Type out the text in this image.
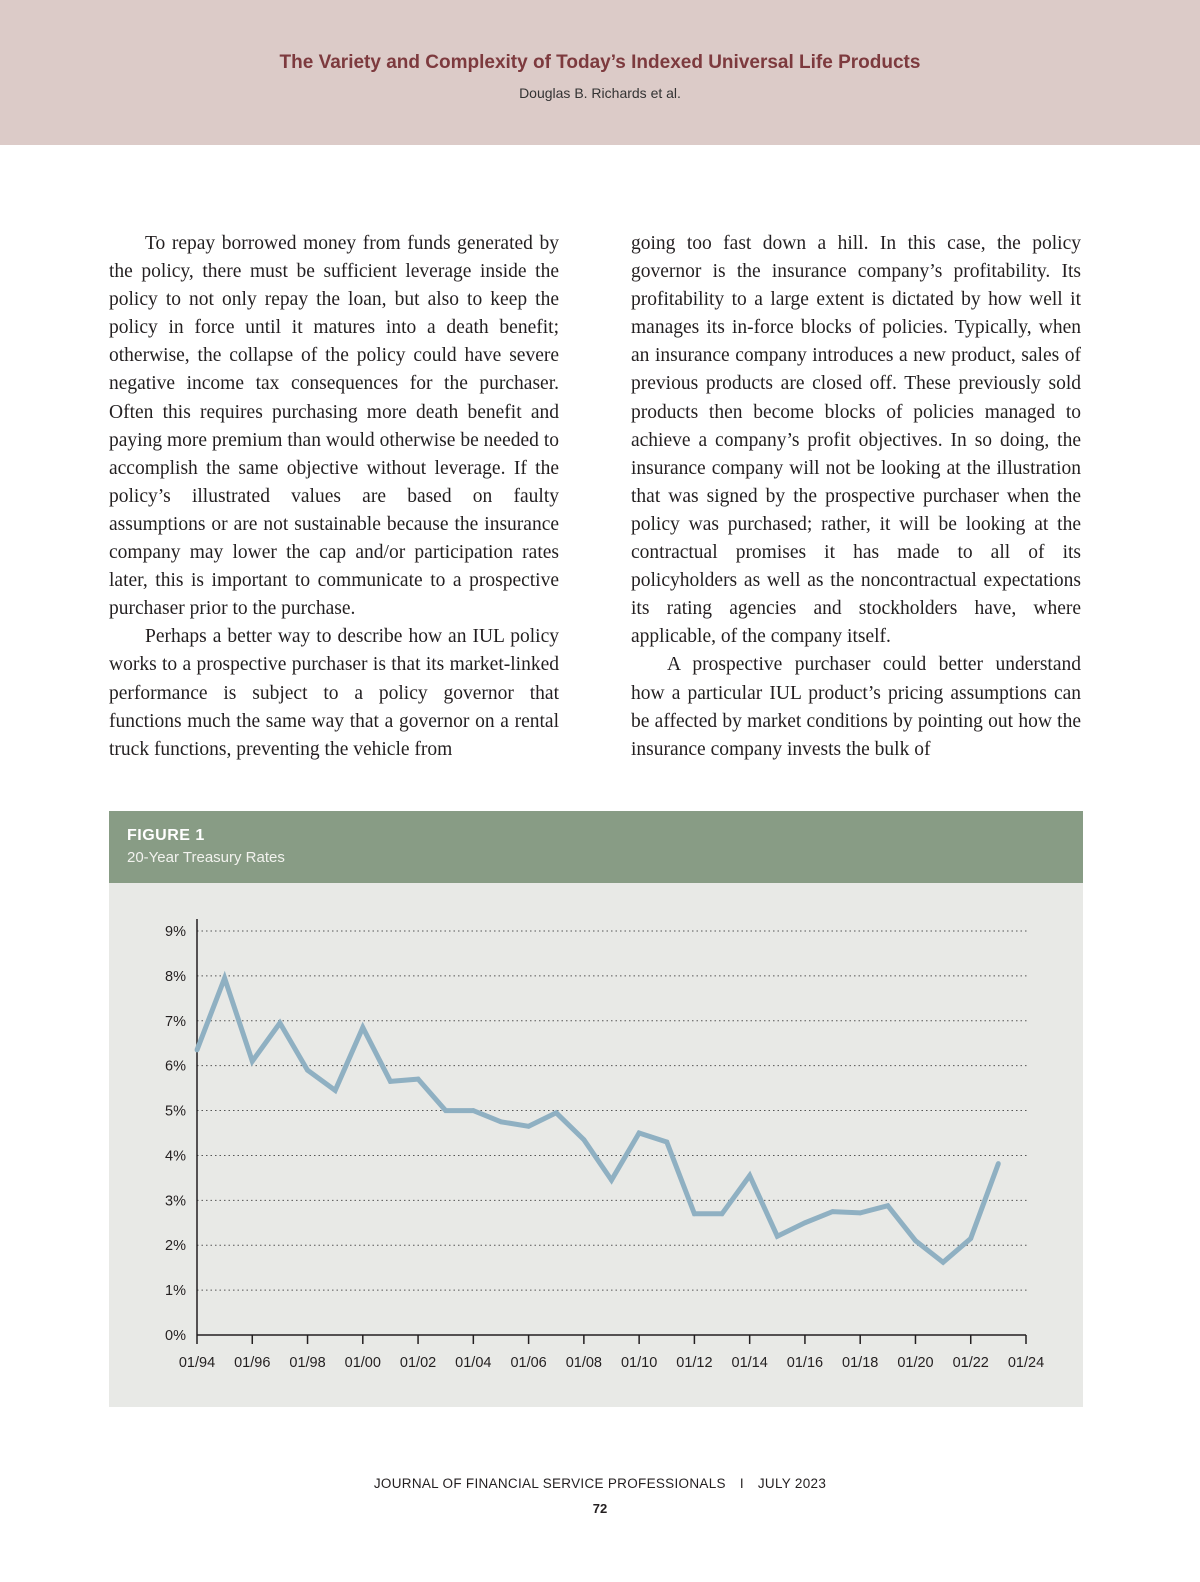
The Variety and Complexity of Today’s Indexed Universal Life Products
Douglas B. Richards et al.

To repay borrowed money from funds generated by the policy, there must be sufficient leverage inside the policy to not only repay the loan, but also to keep the policy in force until it matures into a death benefit; otherwise, the collapse of the policy could have severe negative income tax consequences for the purchaser. Often this requires purchasing more death benefit and paying more premium than would otherwise be needed to accomplish the same objective without leverage. If the policy’s illustrated values are based on faulty assumptions or are not sustainable because the insurance company may lower the cap and/or participation rates later, this is important to communicate to a prospective purchaser prior to the purchase.

Perhaps a better way to describe how an IUL policy works to a prospective purchaser is that its market-linked performance is subject to a policy governor that functions much the same way that a governor on a rental truck functions, preventing the vehicle from

going too fast down a hill. In this case, the policy governor is the insurance company’s profitability. Its profitability to a large extent is dictated by how well it manages its in-force blocks of policies. Typically, when an insurance company introduces a new product, sales of previous products are closed off. These previously sold products then become blocks of policies managed to achieve a company’s profit objectives. In so doing, the insurance company will not be looking at the illustration that was signed by the prospective purchaser when the policy was purchased; rather, it will be looking at the contractual promises it has made to all of its policyholders as well as the noncontractual expectations its rating agencies and stockholders have, where applicable, of the company itself.

A prospective purchaser could better understand how a particular IUL product’s pricing assumptions can be affected by market conditions by pointing out how the insurance company invests the bulk of

FIGURE 1
20-Year Treasury Rates
0%
1%
2%
3%
4%
5%
6%
7%
8%
9%
01/94 01/96 01/98 01/00 01/02 01/04 01/06 01/08 01/10 01/12 01/14 01/16 01/18 01/20 01/22 01/24
JOURNAL OF FINANCIAL SERVICE PROFESSIONALS I JULY 2023
72
